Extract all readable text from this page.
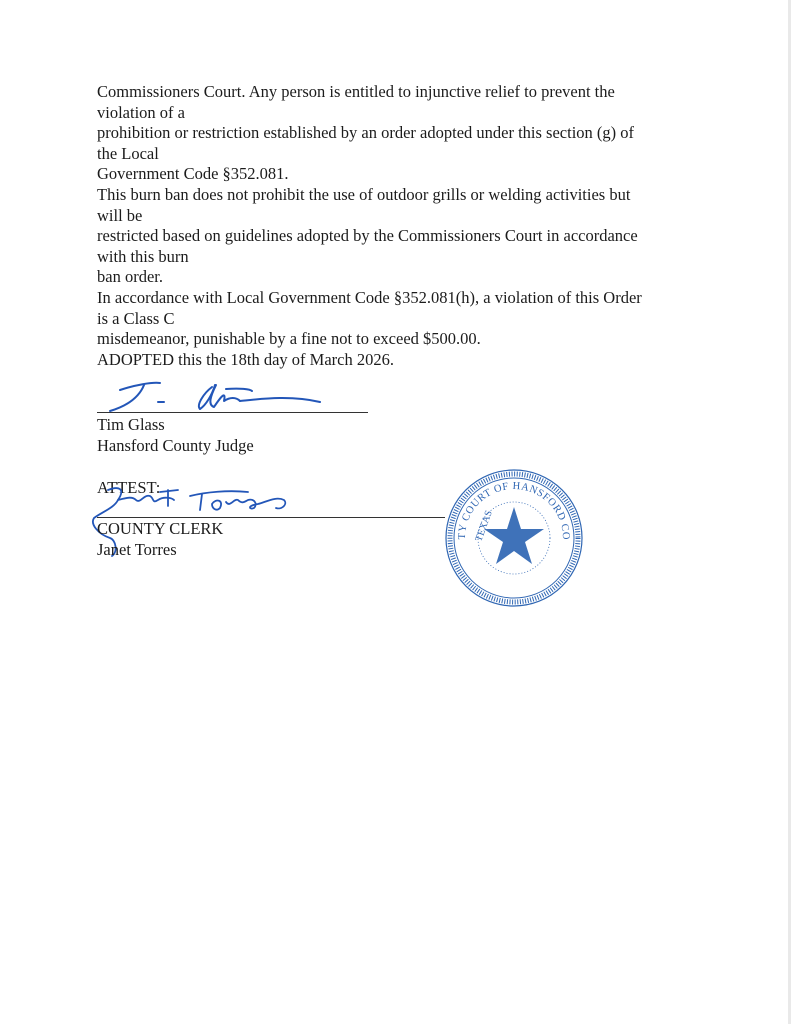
Commissioners Court. Any person is entitled to injunctive relief to prevent the
violation of a
prohibition or restriction established by an order adopted under this section (g) of
the Local
Government Code §352.081.
This burn ban does not prohibit the use of outdoor grills or welding activities but
will be
restricted based on guidelines adopted by the Commissioners Court in accordance
with this burn
ban order.
In accordance with Local Government Code §352.081(h), a violation of this Order
is a Class C
misdemeanor, punishable by a fine not to exceed $500.00.
ADOPTED this the 18th day of March 2026.
Tim Glass
Hansford County Judge
ATTEST:
COUNTY CLERK
Janet Torres
COUNTY COURT OF HANSFORD COUNTY
TEXAS
